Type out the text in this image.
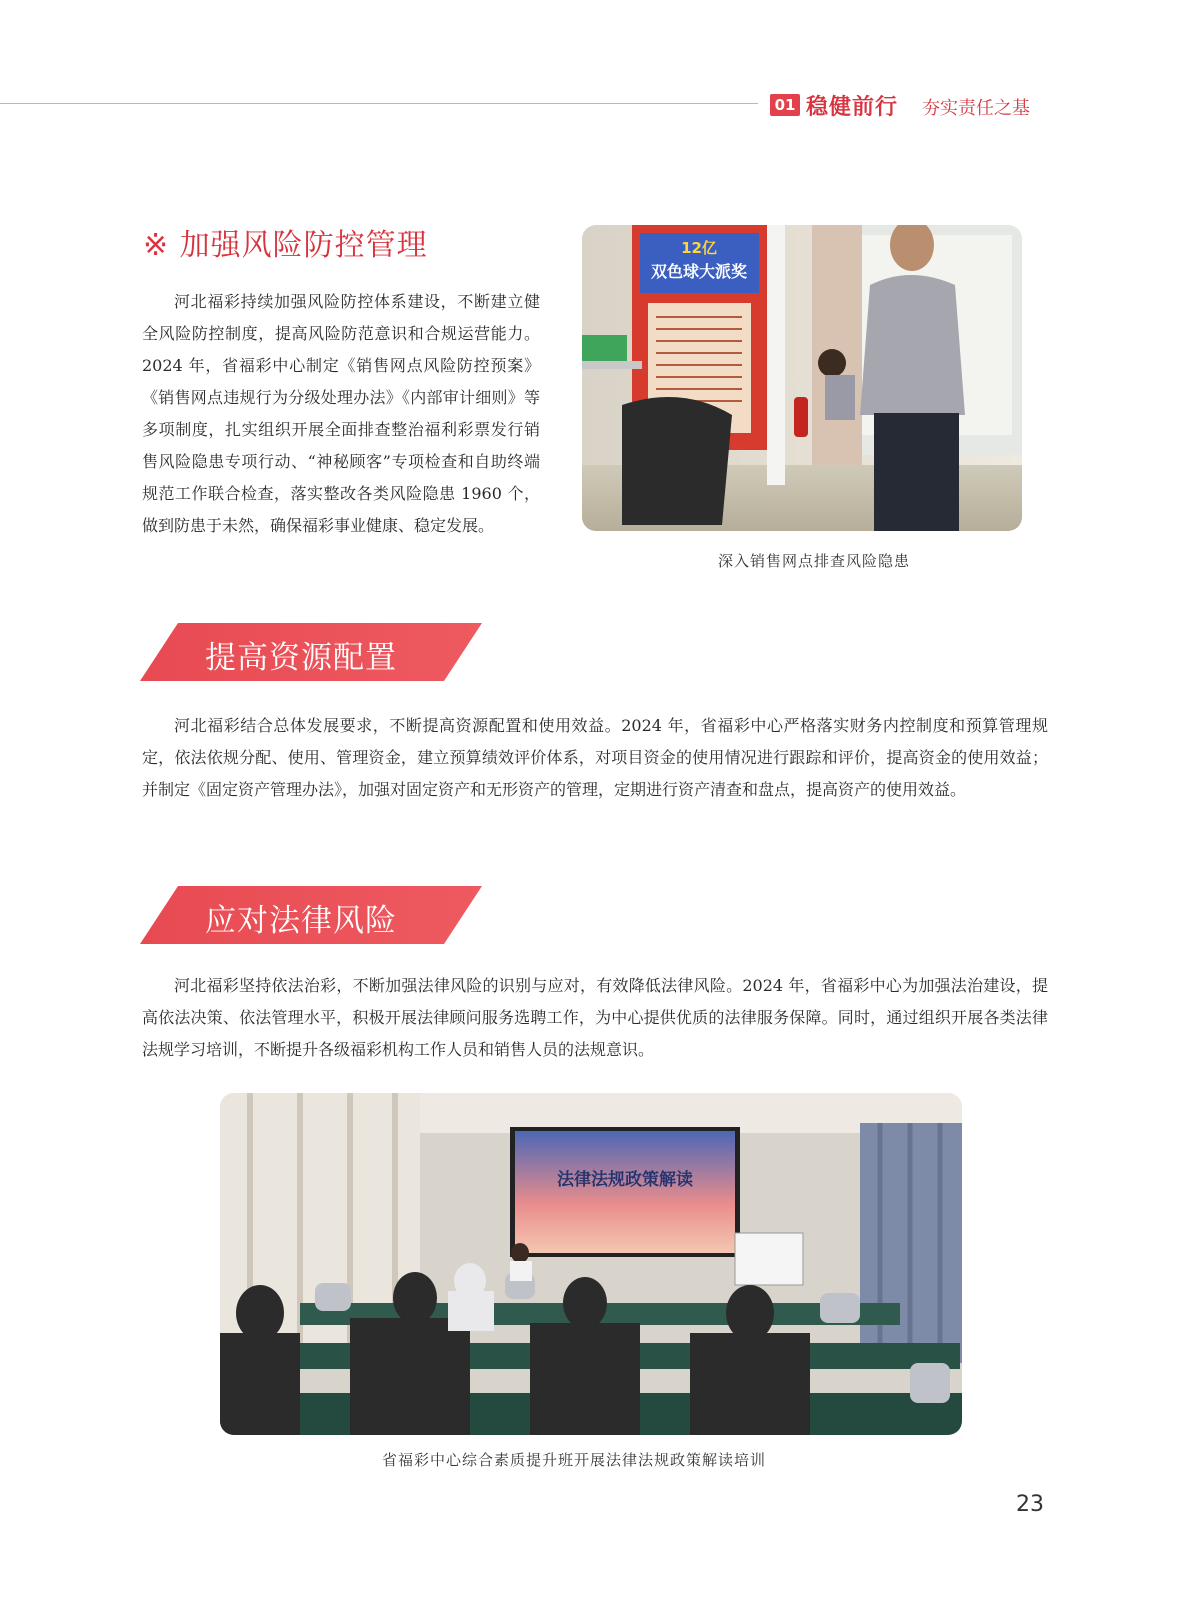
01 稳健前行 夯实责任之基
※ 加强风险防控管理

河北福彩持续加强风险防控体系建设，不断建立健全风险防控制度，提高风险防范意识和合规运营能力。2024 年，省福彩中心制定《销售网点风险防控预案》《销售网点违规行为分级处理办法》《内部审计细则》等多项制度，扎实组织开展全面排查整治福利彩票发行销售风险隐患专项行动、“神秘顾客”专项检查和自助终端规范工作联合检查，落实整改各类风险隐患 1960 个，做到防患于未然，确保福彩事业健康、稳定发展。

12亿
双色球大派奖
深入销售网点排查风险隐患
提高资源配置

河北福彩结合总体发展要求，不断提高资源配置和使用效益。2024 年，省福彩中心严格落实财务内控制度和预算管理规定，依法依规分配、使用、管理资金，建立预算绩效评价体系，对项目资金的使用情况进行跟踪和评价，提高资金的使用效益；并制定《固定资产管理办法》，加强对固定资产和无形资产的管理，定期进行资产清查和盘点，提高资产的使用效益。

应对法律风险

河北福彩坚持依法治彩，不断加强法律风险的识别与应对，有效降低法律风险。2024 年，省福彩中心为加强法治建设，提高依法决策、依法管理水平，积极开展法律顾问服务选聘工作，为中心提供优质的法律服务保障。同时，通过组织开展各类法律法规学习培训，不断提升各级福彩机构工作人员和销售人员的法规意识。

法律法规政策解读
省福彩中心综合素质提升班开展法律法规政策解读培训
23
